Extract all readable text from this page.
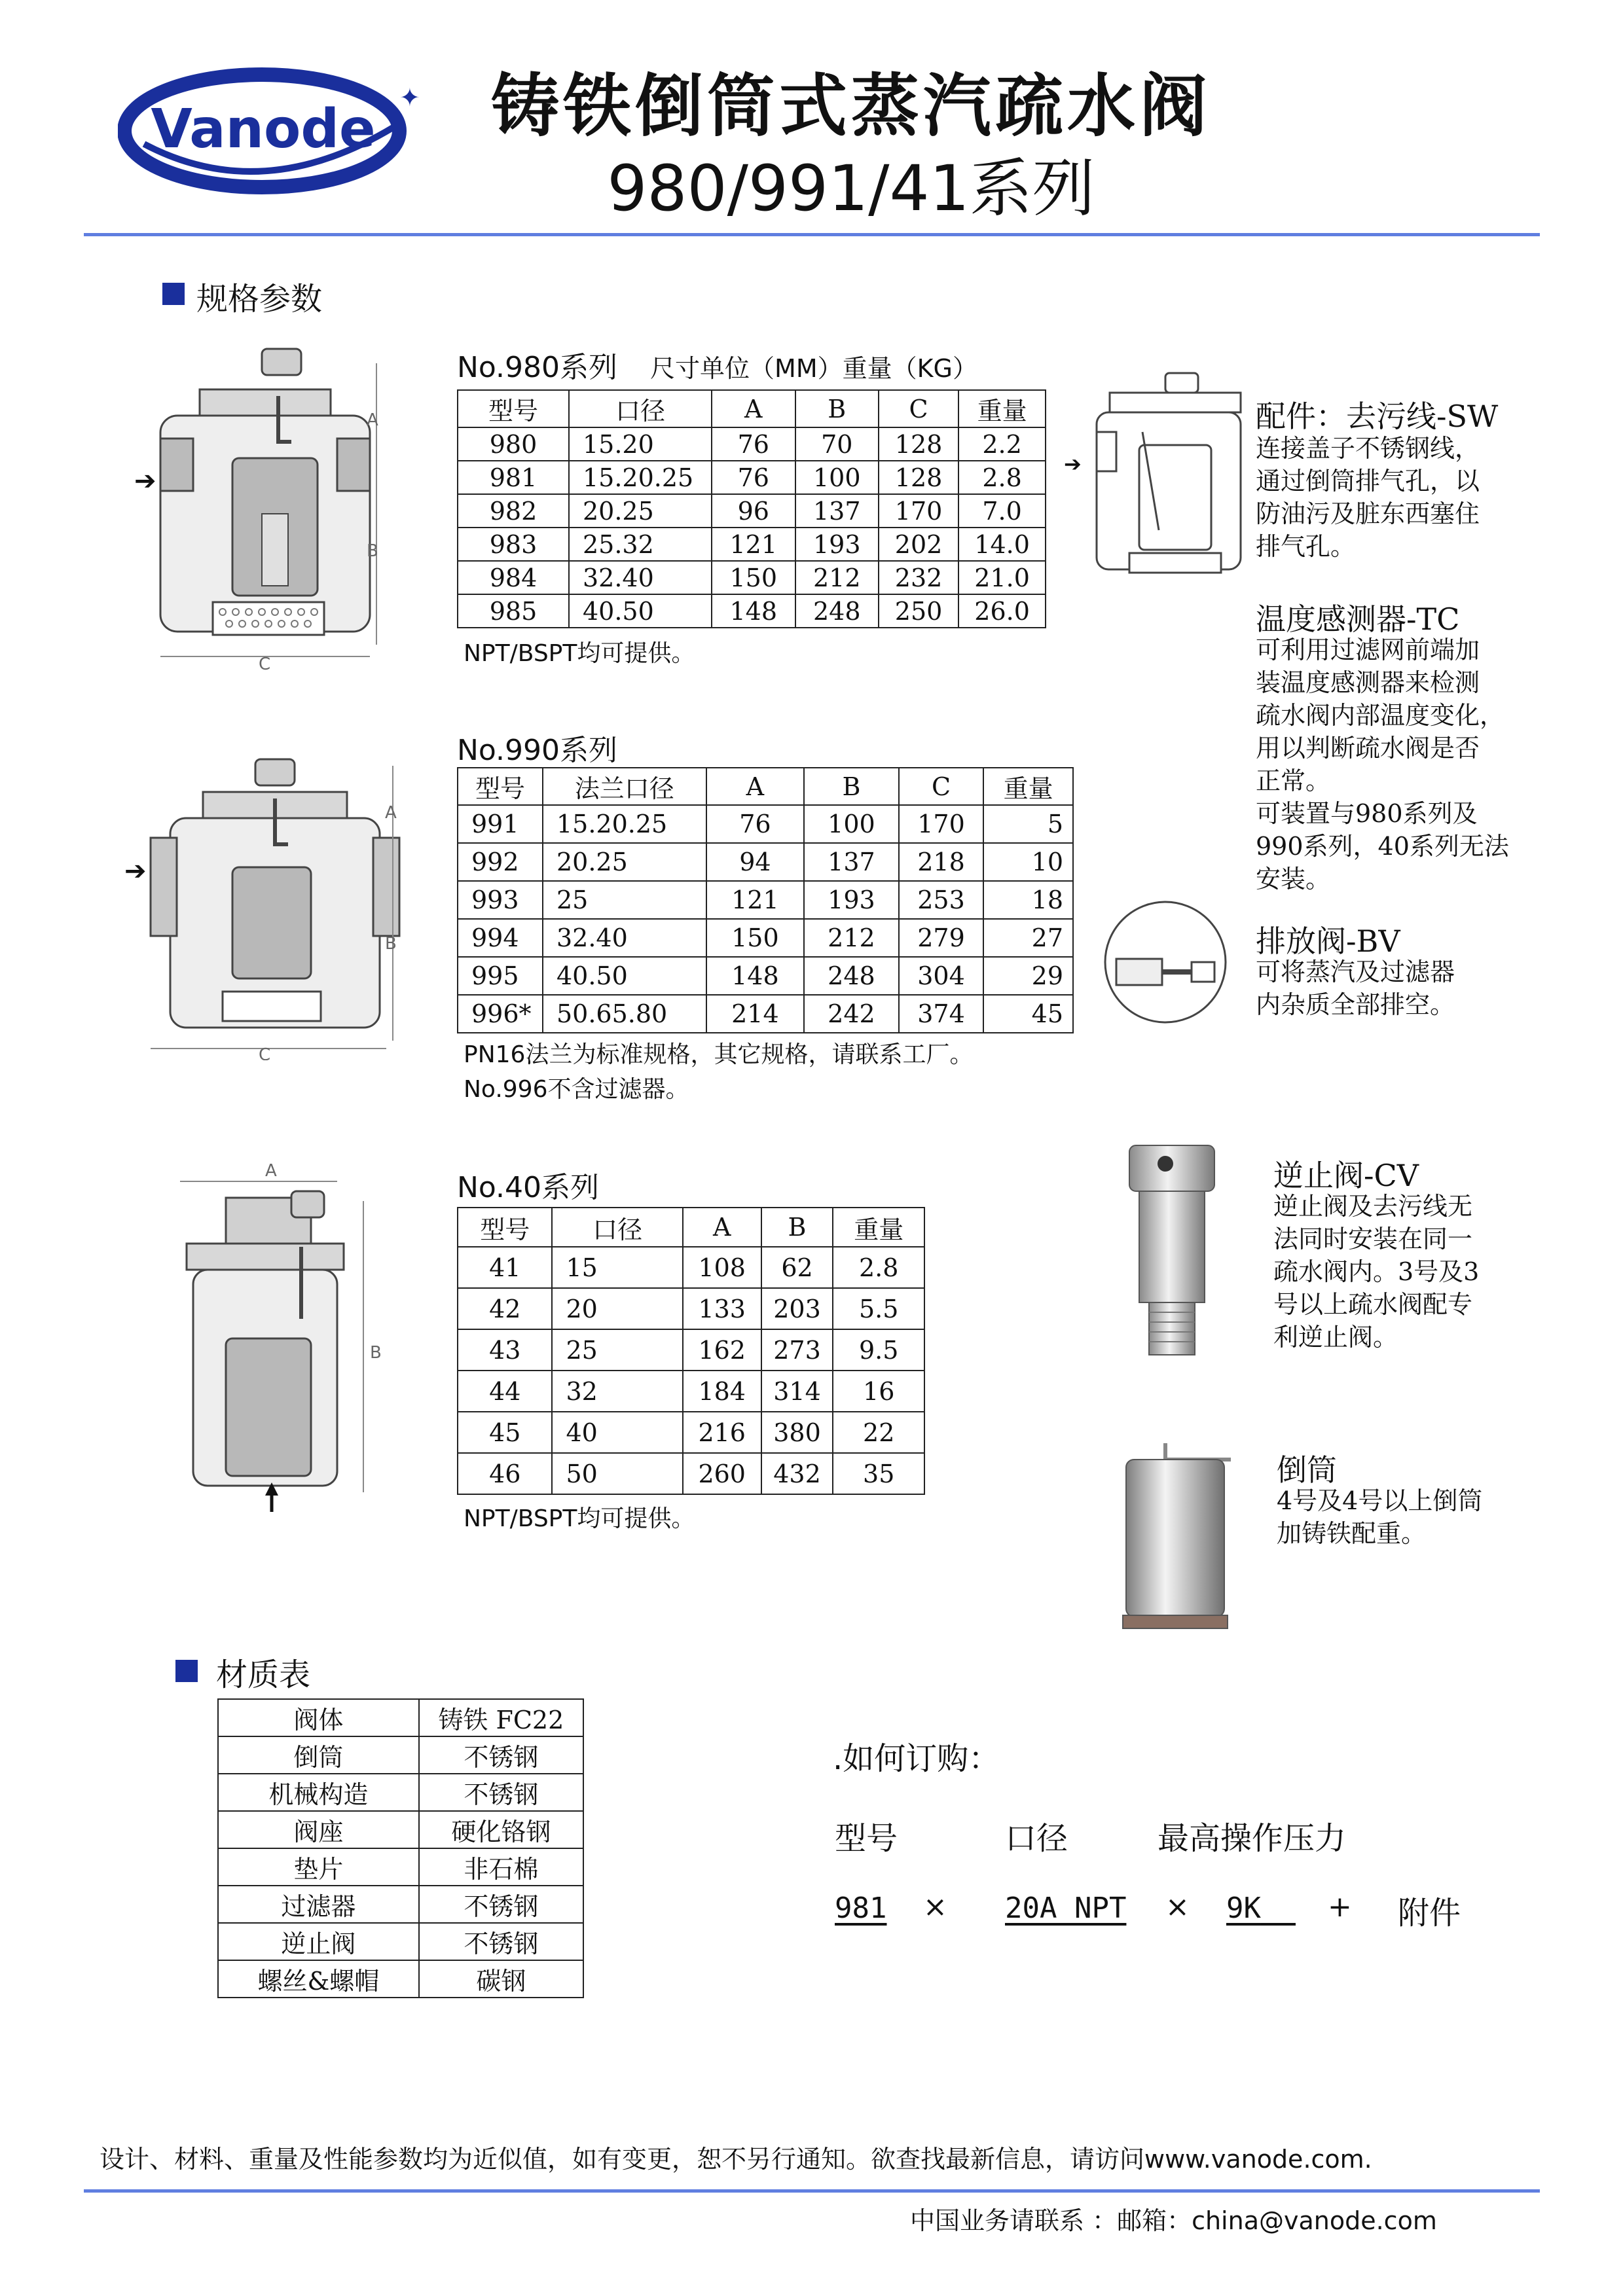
Vanode
✦	铸铁倒筒式蒸汽疏水阀
980/991/41系列
规格参数
A
B
C
➔
No.980系列 尺寸单位（MM）重量（KG）
型号	口径	A	B	C	重量
980	15.20	76	70	128	2.2
981	15.20.25	76	100	128	2.8
982	20.25	96	137	170	7.0
983	25.32	121	193	202	14.0
984	32.40	150	212	232	21.0
985	40.50	148	248	250	26.0
NPT/BSPT均可提供。
A
B
C
➔
No.990系列
型号	法兰口径	A	B	C	重量
991	15.20.25	76	100	170	5
992	20.25	94	137	218	10
993	25	121	193	253	18
994	32.40	150	212	279	27
995	40.50	148	248	304	29
996*	50.65.80	214	242	374	45
PN16法兰为标准规格，其它规格，请联系工厂。
No.996不含过滤器。
A
B
No.40系列
型号	口径	A	B	重量
41	15	108	62	2.8
42	20	133	203	5.5
43	25	162	273	9.5
44	32	184	314	16
45	40	216	380	22
46	50	260	432	35
NPT/BSPT均可提供。
➔
配件：去污线-SW
连接盖子不锈钢线，
通过倒筒排气孔，以
防油污及脏东西塞住
排气孔。
温度感测器-TC
可利用过滤网前端加
装温度感测器来检测
疏水阀内部温度变化，
用以判断疏水阀是否
正常。
可装置与980系列及
990系列，40系列无法
安装。
排放阀-BV
可将蒸汽及过滤器
内杂质全部排空。
逆止阀-CV
逆止阀及去污线无
法同时安装在同一
疏水阀内。3号及3
号以上疏水阀配专
利逆止阀。
倒筒
4号及4号以上倒筒
加铸铁配重。
材质表
阀体	铸铁 FC22
倒筒	不锈钢
机械构造	不锈钢
阀座	硬化铬钢
垫片	非石棉
过滤器	不锈钢
逆止阀	不锈钢
螺丝&螺帽	碳钢
.如何订购：
型号	口径	最高操作压力
981 × 20A NPT × 9K	+ 附件
设计、材料、重量及性能参数均为近似值，如有变更，恕不另行通知。欲查找最新信息，请访问www.vanode.com.
中国业务请联系 ：邮箱：china@vanode.com
